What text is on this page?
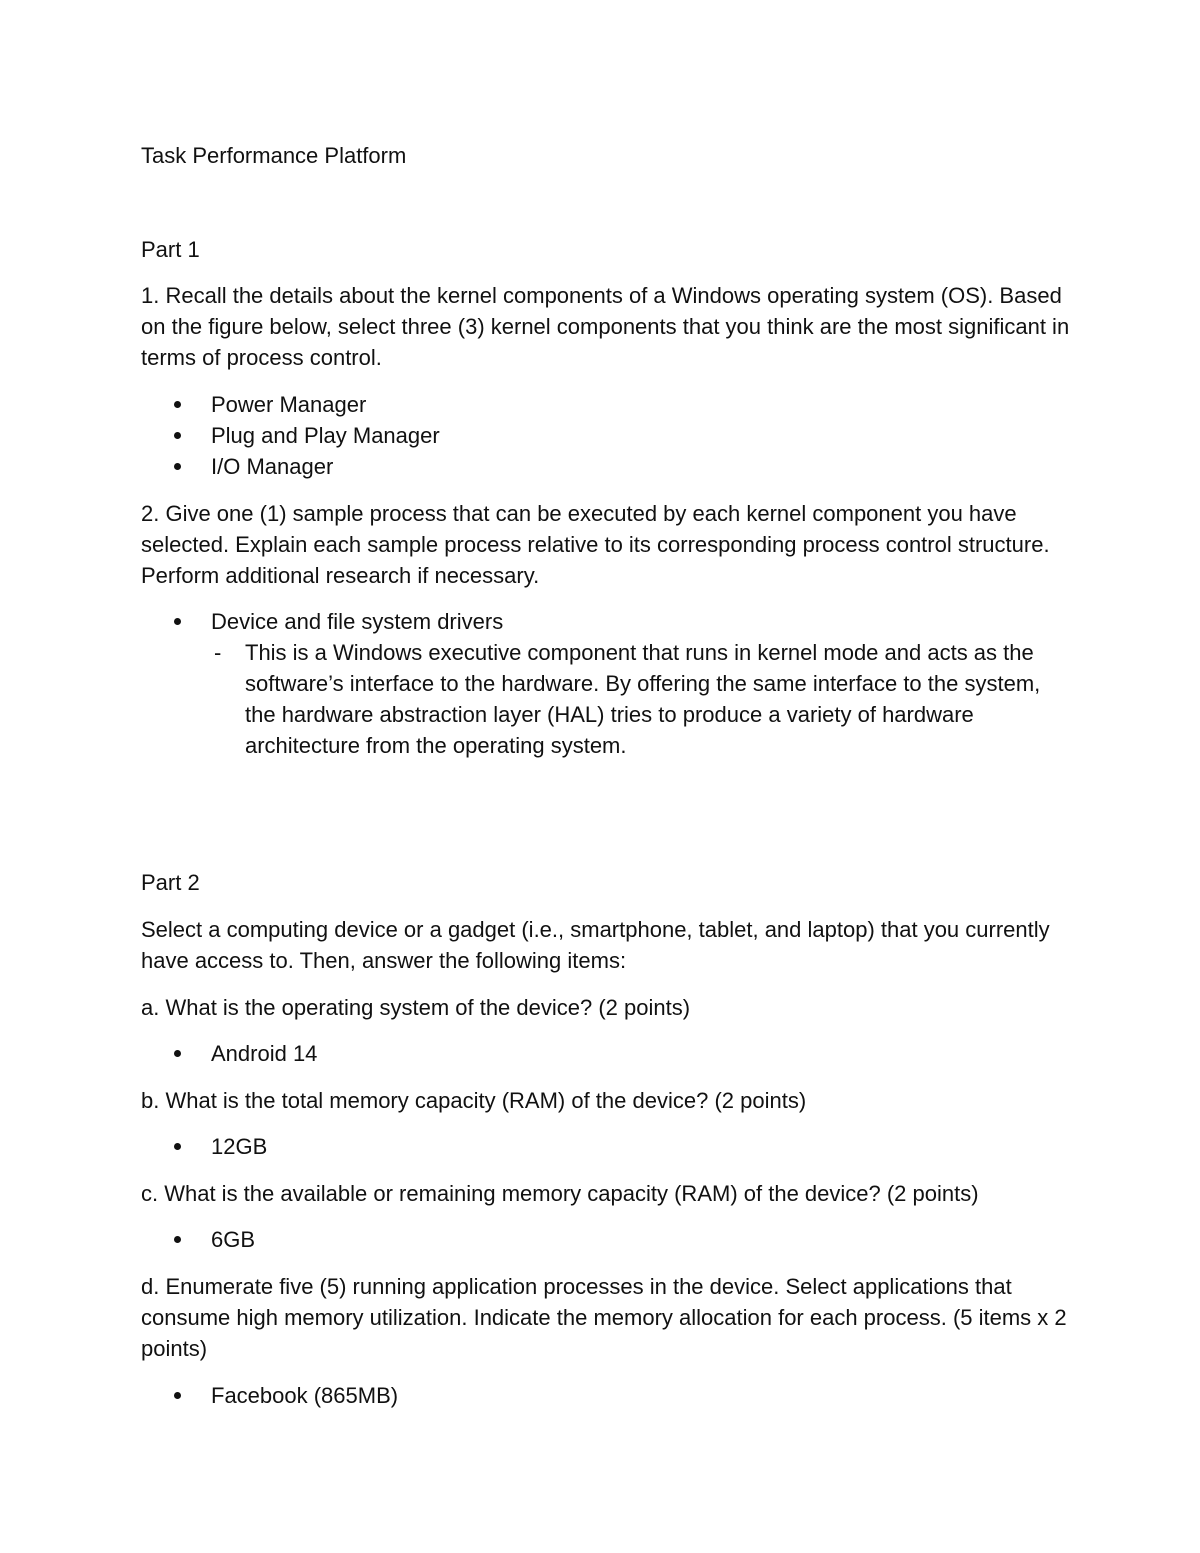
Task Performance Platform

Part 1

1. Recall the details about the kernel components of a Windows operating system (OS). Based on the figure below, select three (3) kernel components that you think are the most significant in terms of process control.

Power Manager
Plug and Play Manager
I/O Manager

2. Give one (1) sample process that can be executed by each kernel component you have selected. Explain each sample process relative to its corresponding process control structure. Perform additional research if necessary.

Device and file system drivers
- This is a Windows executive component that runs in kernel mode and acts as the software’s interface to the hardware. By offering the same interface to the system, the hardware abstraction layer (HAL) tries to produce a variety of hardware architecture from the operating system.

Part 2

Select a computing device or a gadget (i.e., smartphone, tablet, and laptop) that you currently have access to. Then, answer the following items:

a. What is the operating system of the device? (2 points)

Android 14

b. What is the total memory capacity (RAM) of the device? (2 points)

12GB

c. What is the available or remaining memory capacity (RAM) of the device? (2 points)

6GB

d. Enumerate five (5) running application processes in the device. Select applications that consume high memory utilization. Indicate the memory allocation for each process. (5 items x 2 points)

Facebook (865MB)
